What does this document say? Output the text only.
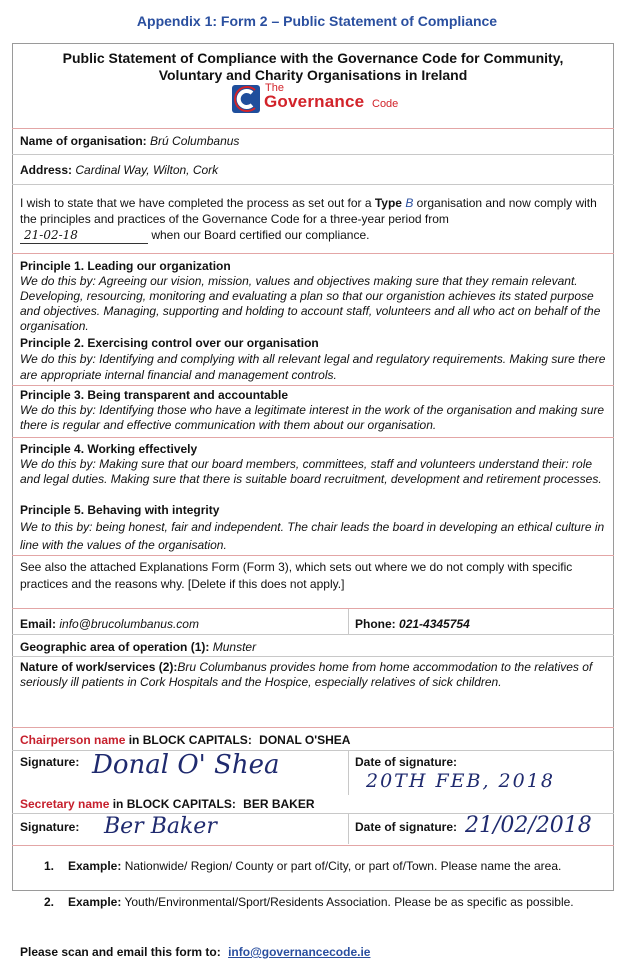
Appendix 1: Form 2 – Public Statement of Compliance
Public Statement of Compliance with the Governance Code for Community,
Voluntary and Charity Organisations in Ireland
The
Governance Code
Name of organisation: Brú Columbanus
Address: Cardinal Way, Wilton, Cork
I wish to state that we have completed the process as set out for a Type B organisation and now comply with the principles and practices of the Governance Code for a three-year period from
21-02-18	when our Board certified our compliance.
Principle 1. Leading our organization
We do this by: Agreeing our vision, mission, values and objectives making sure that they remain relevant. Developing, resourcing, monitoring and evaluating a plan so that our organistion achieves its stated purpose and objectives. Managing, supporting and holding to account staff, volunteers and all who act on behalf of the organisation.
Principle 2. Exercising control over our organisation
We do this by: Identifying and complying with all relevant legal and regulatory requirements. Making sure there are appropriate internal financial and management controls.
Principle 3. Being transparent and accountable
We do this by: Identifying those who have a legitimate interest in the work of the organisation and making sure there is regular and effective communication with them about our organisation.
Principle 4. Working effectively
We do this by: Making sure that our board members, committees, staff and volunteers understand their: role and legal duties. Making sure that there is suitable board recruitment, development and retirement processes.
Principle 5. Behaving with integrity
We to this by: being honest, fair and independent. The chair leads the board in developing an ethical culture in line with the values of the organisation.
See also the attached Explanations Form (Form 3), which sets out where we do not comply with specific practices and the reasons why. [Delete if this does not apply.]
Email: info@brucolumbanus.com	Phone: 021-4345754
Geographic area of operation (1): Munster
Nature of work/services (2):Bru Columbanus provides home from home accommodation to the relatives of seriously ill patients in Cork Hospitals and the Hospice, especially relatives of sick children.
Chairperson name in BLOCK CAPITALS: DONAL O'SHEA
Signature: Donal O' Shea	Date of signature:
20TH FEB, 2018
Secretary name in BLOCK CAPITALS: BER BAKER
Signature:	Ber Baker	Date of signature: 21/02/2018
1. Example: Nationwide/ Region/ County or part of/City, or part of/Town. Please name the area.
2. Example: Youth/Environmental/Sport/Residents Association. Please be as specific as possible.
Please scan and email this form to: info@governancecode.ie
